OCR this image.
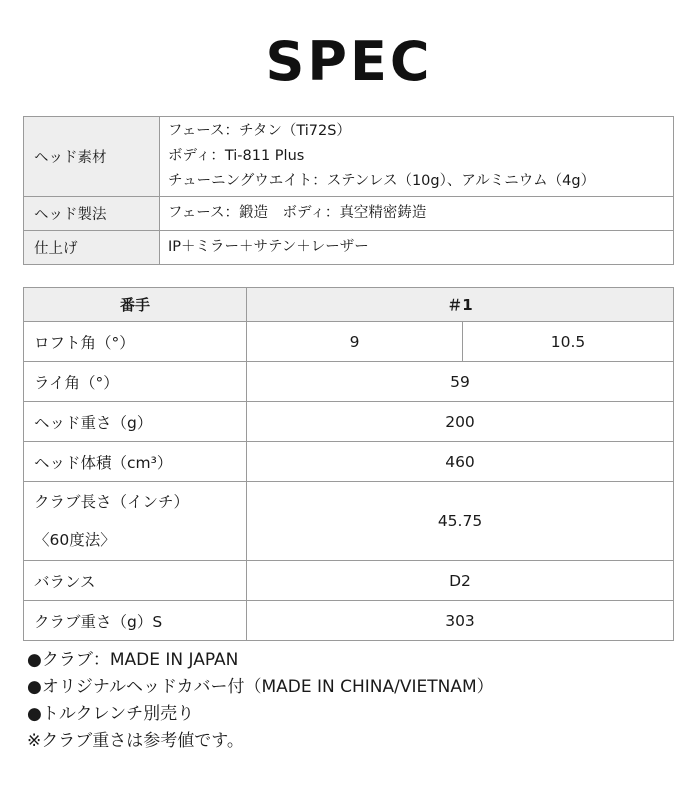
SPEC
ヘッド素材	フェース：チタン（Ti72S）
ボディ：Ti-811 Plus
チューニングウエイト：ステンレス（10g）、アルミニウム（4g）

ヘッド製法	フェース：鍛造　ボディ：真空精密鋳造

仕上げ	IP＋ミラー＋サテン＋レーザー
番手	＃1	
ロフト角（°）	9	10.5
ライ角（°）	59	
ヘッド重さ（g）	200	
ヘッド体積（cm³）	460	

クラブ長さ（インチ）
〈60度法〉	45.75	
バランス	D2	
クラブ重さ（g）S	303	
●クラブ：MADE IN JAPAN
●オリジナルヘッドカバー付（MADE IN CHINA/VIETNAM）
●トルクレンチ別売り
※クラブ重さは参考値です。
